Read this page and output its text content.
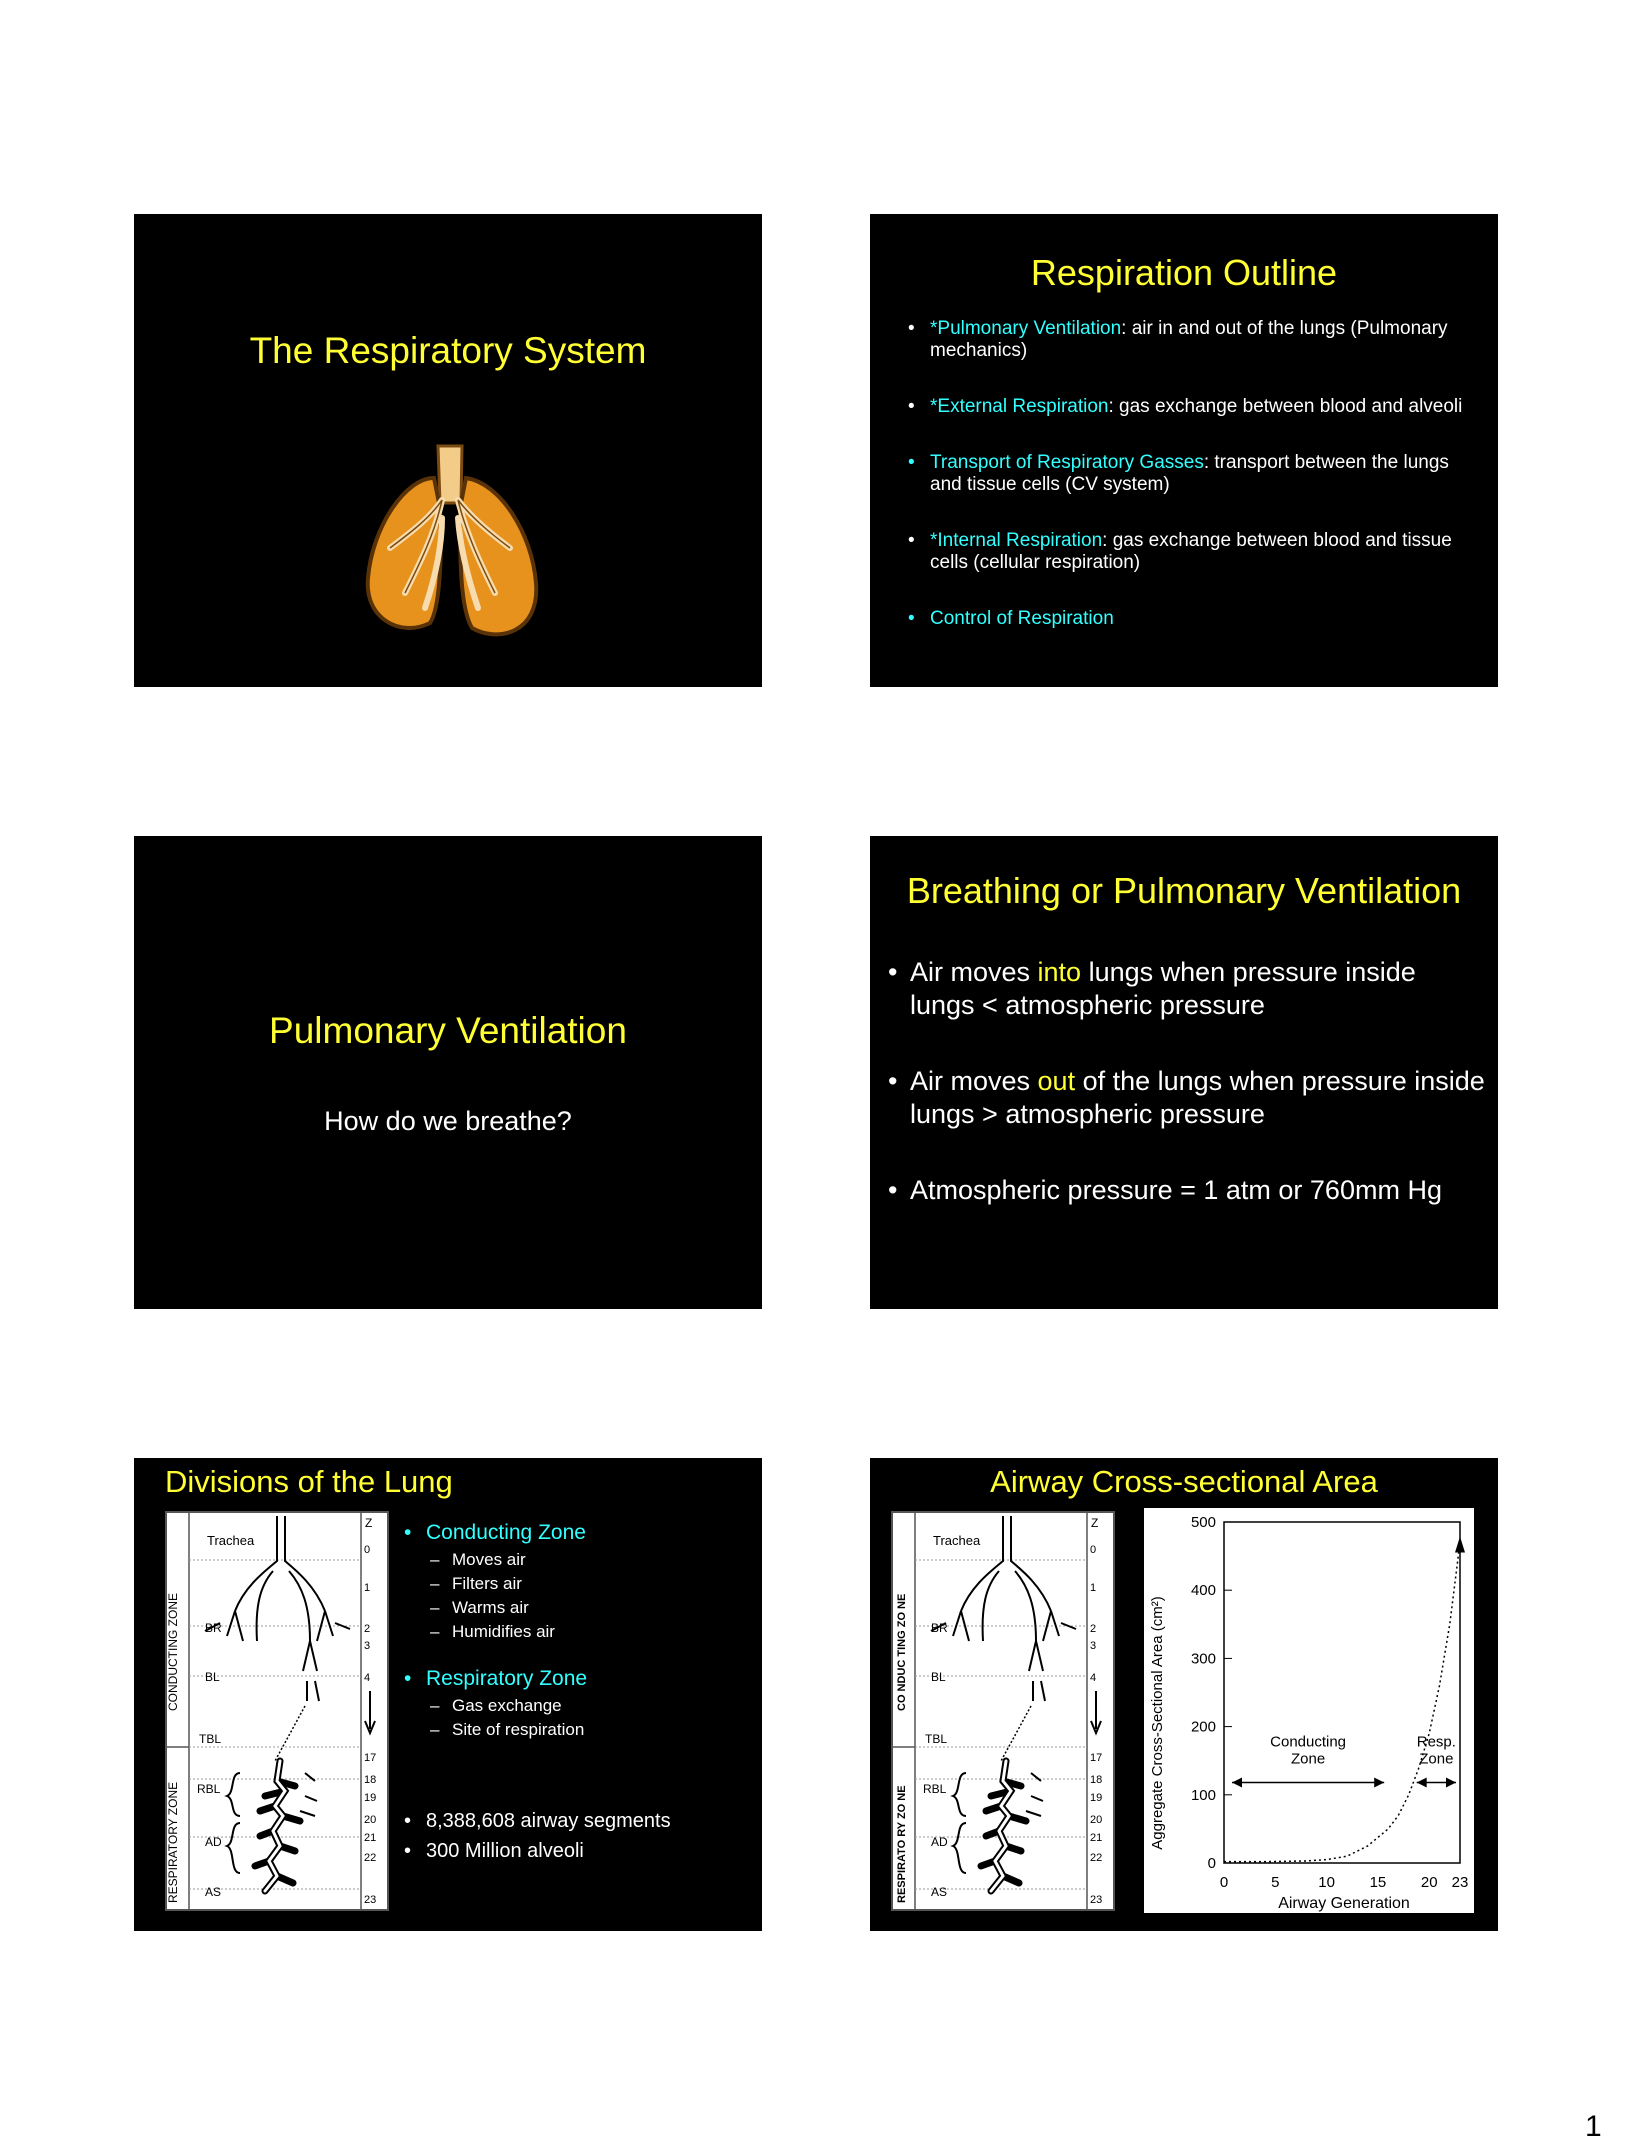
The Respiratory System
Respiration Outline
• *Pulmonary Ventilation: air in and out of the lungs (Pulmonary mechanics)
• *External Respiration: gas exchange between blood and alveoli
• Transport of Respiratory Gasses: transport between the lungs and tissue cells (CV system)
• *Internal Respiration: gas exchange between blood and tissue cells (cellular respiration)
• Control of Respiration
Pulmonary Ventilation
How do we breathe?
Breathing or Pulmonary Ventilation
• Air moves into lungs when pressure inside lungs < atmospheric pressure
• Air moves out of the lungs when pressure inside lungs > atmospheric pressure
• Atmospheric pressure = 1 atm or 760mm Hg
Divisions of the Lung
CONDUCTING ZONE
RESPIRATORY ZONE
Z
0
1
2
3
4
17
18
19
20
21
22
23
Trachea
BR
BL
TBL
RBL
AD
AS
• Conducting Zone
– Moves air
– Filters air
– Warms air
– Humidifies air
• Respiratory Zone
– Gas exchange
– Site of respiration
• 8,388,608 airway segments
• 300 Million alveoli
Airway Cross-sectional Area
CO NDUC TING ZO NE
RESPIRATO RY ZO NE
Z
0
1
2
3
4
17
18
19
20
21
22
23
Trachea
BR
BL
TBL
RBL
AD
AS
Aggregate Cross-Sectional Area (cm²)
Airway Generation
0
100
200
300
400
500
0	5	10 15 20 23
Conducting Zone
Resp. Zone
1
